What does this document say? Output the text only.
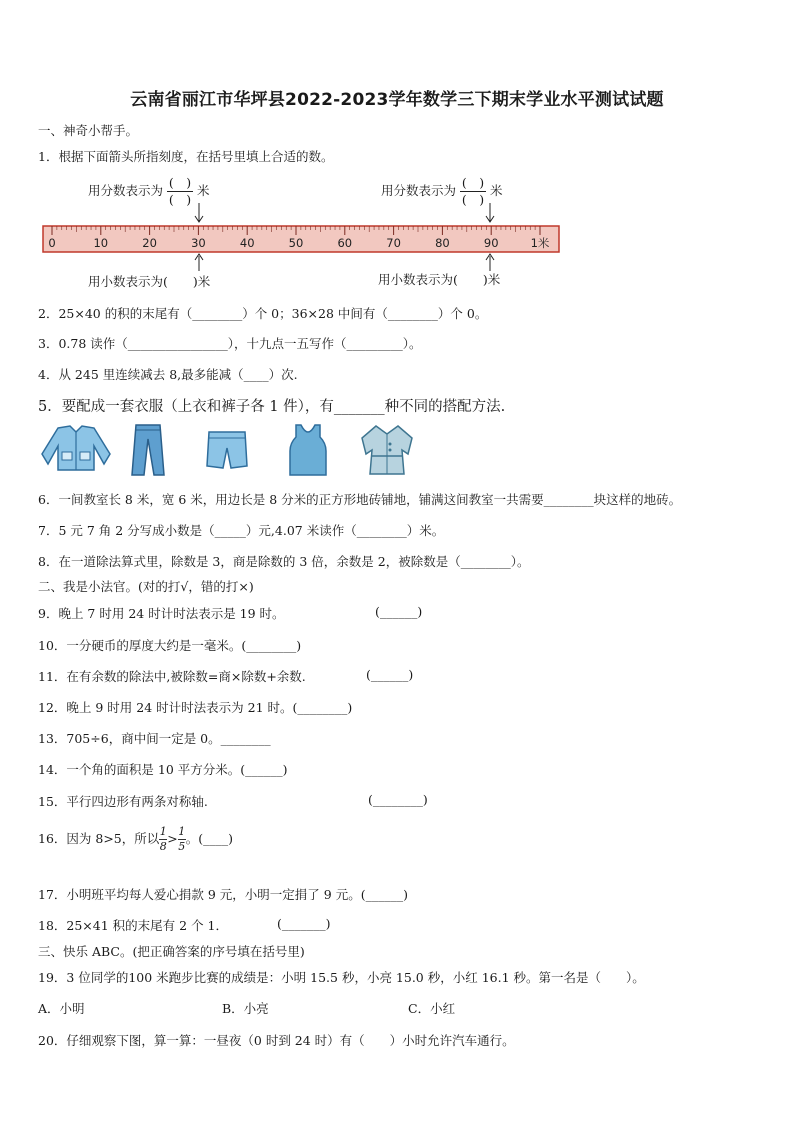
云南省丽江市华坪县2022-2023学年数学三下期末学业水平测试试题
一、神奇小帮手。
1．根据下面箭头所指刻度，在括号里填上合适的数。
用分数表示为 (　 )
(　 ) 米	用分数表示为 (　 )
(　 ) 米
0	10	20	30	40	50	60	70	80	90	1米
用小数表示为(　　)米	用小数表示为(　　)米
2．25×40 的积的末尾有（________）个 0；36×28 中间有（________）个 0。
3．0.78 读作（________________），十九点一五写作（_________）。
4．从 245 里连续减去 8,最多能减（____）次.
5．要配成一套衣服（上衣和裤子各 1 件），有_______种不同的搭配方法.
6．一间教室长 8 米，宽 6 米，用边长是 8 分米的正方形地砖铺地，铺满这间教室一共需要________块这样的地砖。
7．5 元 7 角 2 分写成小数是（_____）元,4.07 米读作（________）米。
8．在一道除法算式里，除数是 3，商是除数的 3 倍，余数是 2，被除数是（________）。
二、我是小法官。(对的打√，错的打×)
9．晚上 7 时用 24 时计时法表示是 19 时。	(______)
10．一分硬币的厚度大约是一毫米。(________)
11．在有余数的除法中,被除数=商×除数+余数.	(______)
12．晚上 9 时用 24 时计时法表示为 21 时。(________)
13．705÷6，商中间一定是 0。________
14．一个角的面积是 10 平方分米。(______)
15．平行四边形有两条对称轴.	(________)
16．因为 8>5，所以$\frac{1}{8}>\frac{1}{5}$。(____)
17．小明班平均每人爱心捐款 9 元，小明一定捐了 9 元。(______)
18．25×41 积的末尾有 2 个 1．	(_______)
三、快乐 ABC。(把正确答案的序号填在括号里)
19．3 位同学的100 米跑步比赛的成绩是：小明 15.5 秒，小亮 15.0 秒，小红 16.1 秒。第一名是（　　）。
A．小明	B．小亮	C．小红
20．仔细观察下图，算一算：一昼夜（0 时到 24 时）有（　　）小时允许汽车通行。
